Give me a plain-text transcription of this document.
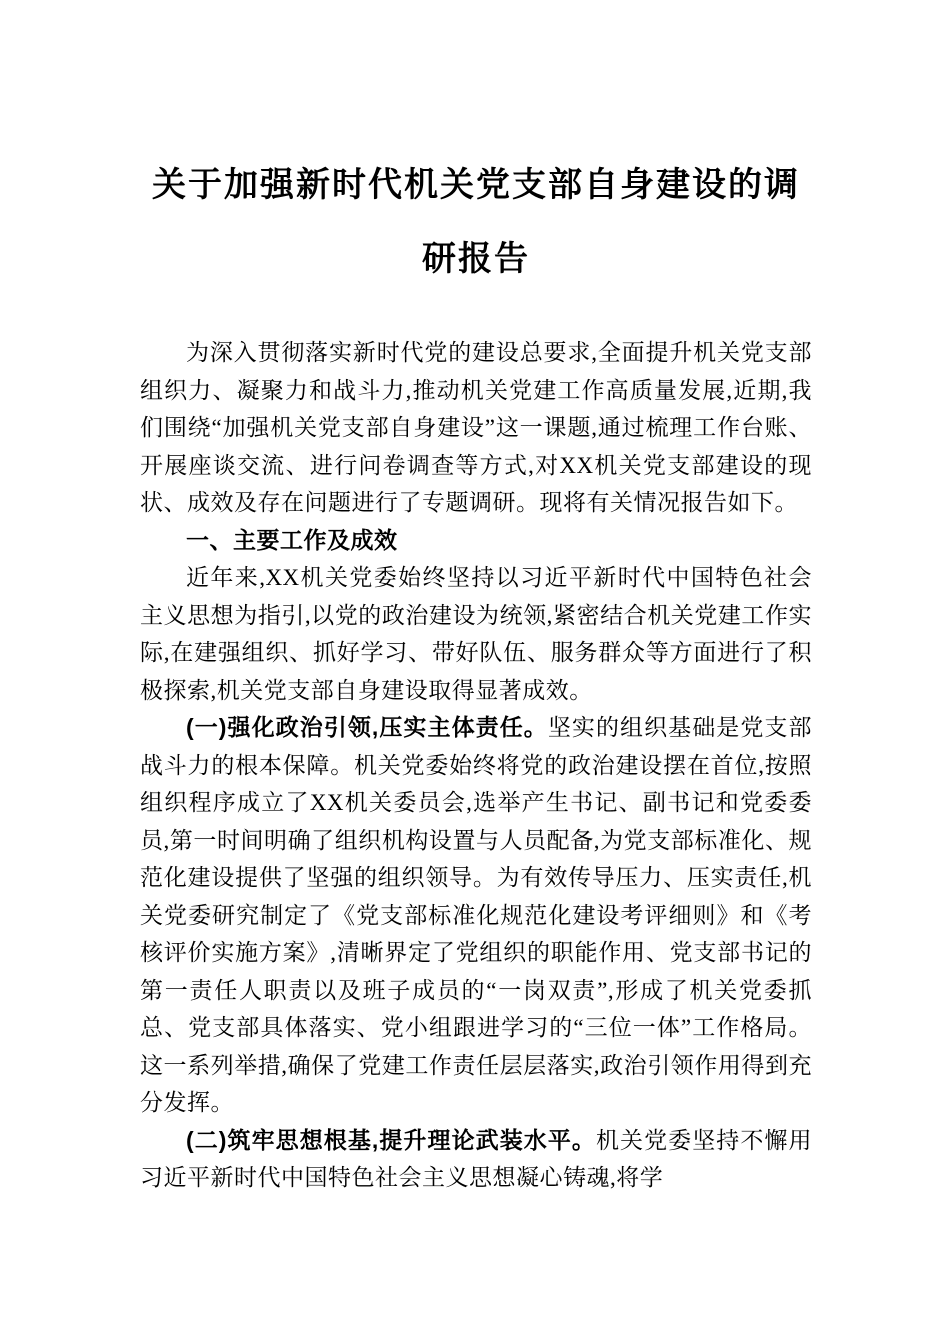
关于加强新时代机关党支部自身建设的调研报告

为深入贯彻落实新时代党的建设总要求,全面提升机关党支部组织力、凝聚力和战斗力,推动机关党建工作高质量发展,近期,我们围绕“加强机关党支部自身建设”这一课题,通过梳理工作台账、开展座谈交流、进行问卷调查等方式,对XX机关党支部建设的现状、成效及存在问题进行了专题调研。现将有关情况报告如下。

一、主要工作及成效

近年来,XX机关党委始终坚持以习近平新时代中国特色社会主义思想为指引,以党的政治建设为统领,紧密结合机关党建工作实际,在建强组织、抓好学习、带好队伍、服务群众等方面进行了积极探索,机关党支部自身建设取得显著成效。

(一)强化政治引领,压实主体责任。坚实的组织基础是党支部战斗力的根本保障。机关党委始终将党的政治建设摆在首位,按照组织程序成立了XX机关委员会,选举产生书记、副书记和党委委员,第一时间明确了组织机构设置与人员配备,为党支部标准化、规范化建设提供了坚强的组织领导。为有效传导压力、压实责任,机关党委研究制定了《党支部标准化规范化建设考评细则》和《考核评价实施方案》,清晰界定了党组织的职能作用、党支部书记的第一责任人职责以及班子成员的“一岗双责”,形成了机关党委抓总、党支部具体落实、党小组跟进学习的“三位一体”工作格局。这一系列举措,确保了党建工作责任层层落实,政治引领作用得到充分发挥。

(二)筑牢思想根基,提升理论武装水平。机关党委坚持不懈用习近平新时代中国特色社会主义思想凝心铸魂,将学
